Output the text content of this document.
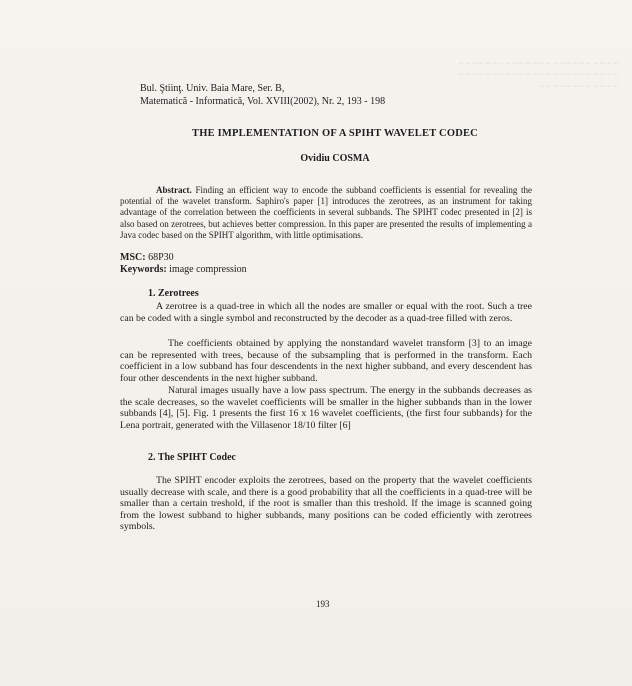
~ ~ ~ ~ ~ ~ ~ ~ ~ ~ ~ ~ ~ ~ ~ ~ ~ ~ ~ ~ ~ ~ ~ ~ ~ ~ ~ ~ ~ ~ ~ ~ ~ ~ ~ ~ ~ ~ ~ ~ ~ ~ ~ ~ ~ ~ ~ ~ ~ ~ ~ ~ ~ ~ ~ ~ ~ ~ ~ ~
Bul. Ştiinţ. Univ. Baia Mare, Ser. B,
Matematică - Informatică, Vol. XVIII(2002), Nr. 2, 193 - 198
THE IMPLEMENTATION OF A SPIHT WAVELET CODEC
Ovidiu COSMA
Abstract. Finding an efficient way to encode the subband coefficients is essential for revealing the potential of the wavelet transform. Saphiro's paper [1] introduces the zerotrees, as an instrument for taking advantage of the correlation between the coefficients in several subbands. The SPIHT codec presented in [2] is also based on zerotrees, but achieves better compression. In this paper are presented the results of implementing a Java codec based on the SPIHT algorithm, with little optimisations.
MSC: 68P30
Keywords: image compression
1. Zerotrees
A zerotree is a quad-tree in which all the nodes are smaller or equal with the root. Such a tree can be coded with a single symbol and reconstructed by the decoder as a quad-tree filled with zeros.
The coefficients obtained by applying the nonstandard wavelet transform [3] to an image can be represented with trees, because of the subsampling that is performed in the transform. Each coefficient in a low subband has four descendents in the next higher subband, and every descendent has four other descendents in the next higher subband.
Natural images usually have a low pass spectrum. The energy in the subbands decreases as the scale decreases, so the wavelet coefficients will be smaller in the higher subbands than in the lower subbands [4], [5]. Fig. 1 presents the first 16 x 16 wavelet coefficients, (the first four subbands) for the Lena portrait, generated with the Villasenor 18/10 filter [6]
2. The SPIHT Codec
The SPIHT encoder exploits the zerotrees, based on the property that the wavelet coefficients usually decrease with scale, and there is a good probability that all the coefficients in a quad-tree will be smaller than a certain treshold, if the root is smaller than this treshold. If the image is scanned going from the lowest subband to higher subbands, many positions can be coded efficiently with zerotrees symbols.
193
